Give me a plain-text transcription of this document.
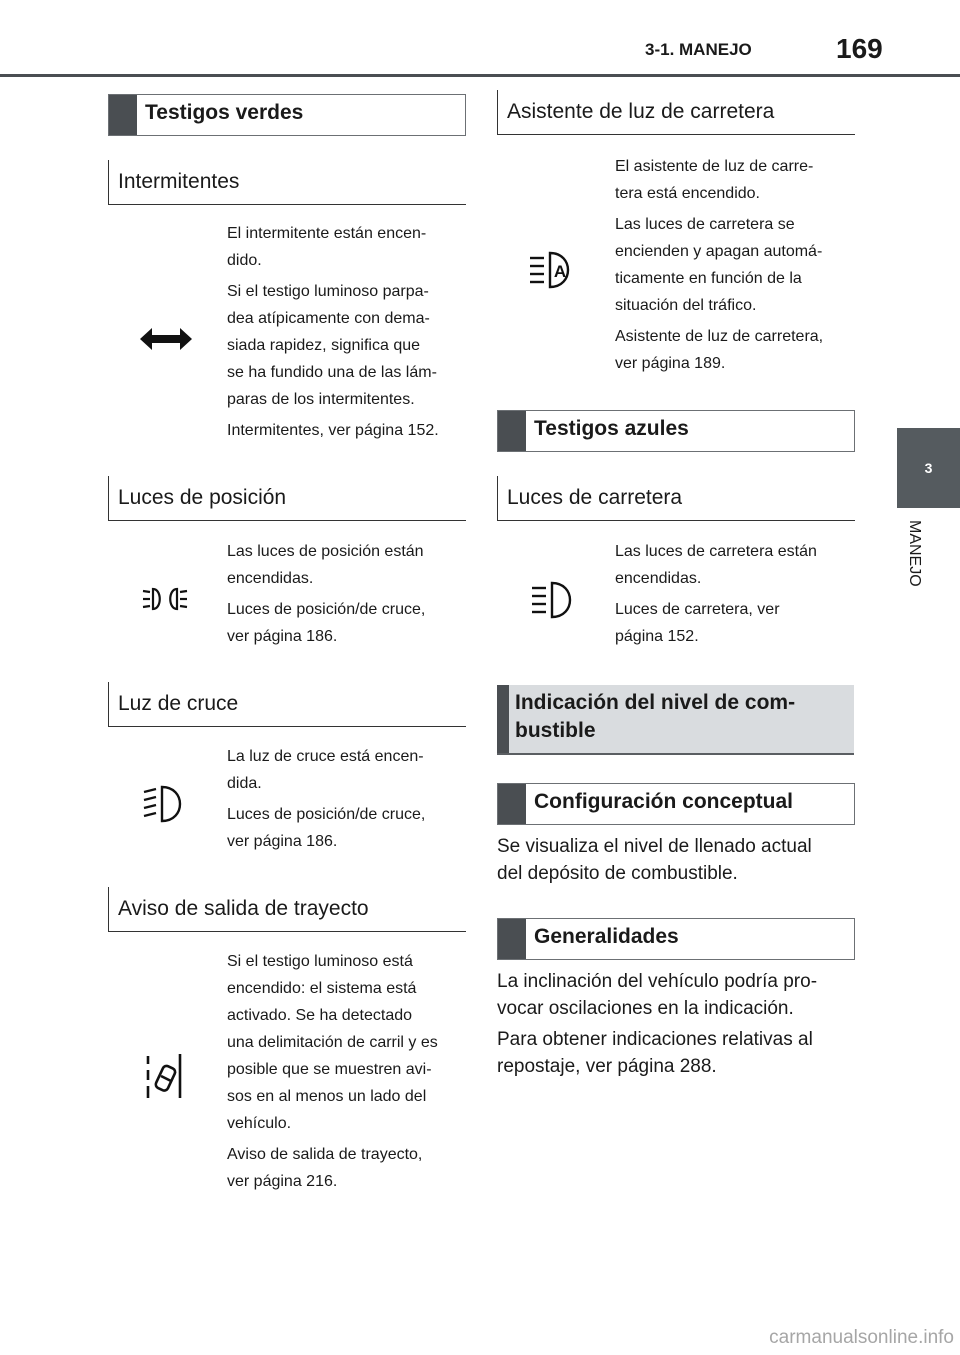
3-1. MANEJO	169
3
MANEJO
Testigos verdes
Intermitentes
El intermitente están encen-
dido.
Si el testigo luminoso parpa-
dea atípicamente con dema-
siada rapidez, significa que
se ha fundido una de las lám-
paras de los intermitentes.
Intermitentes, ver página 152.
Luces de posición
Las luces de posición están
encendidas.
Luces de posición/de cruce,
ver página 186.
Luz de cruce
La luz de cruce está encen-
dida.
Luces de posición/de cruce,
ver página 186.
Aviso de salida de trayecto
Si el testigo luminoso está
encendido: el sistema está
activado. Se ha detectado
una delimitación de carril y es
posible que se muestren avi-
sos en al menos un lado del
vehículo.
Aviso de salida de trayecto,
ver página 216.
Asistente de luz de carretera
A
El asistente de luz de carre-
tera está encendido.
Las luces de carretera se
encienden y apagan automá-
ticamente en función de la
situación del tráfico.
Asistente de luz de carretera,
ver página 189.
Testigos azules
Luces de carretera
Las luces de carretera están
encendidas.
Luces de carretera, ver
página 152.
Indicación del nivel de com-
bustible
Configuración conceptual
Se visualiza el nivel de llenado actual
del depósito de combustible.
Generalidades
La inclinación del vehículo podría pro-
vocar oscilaciones en la indicación.
Para obtener indicaciones relativas al
repostaje, ver página 288.
carmanualsonline.info
